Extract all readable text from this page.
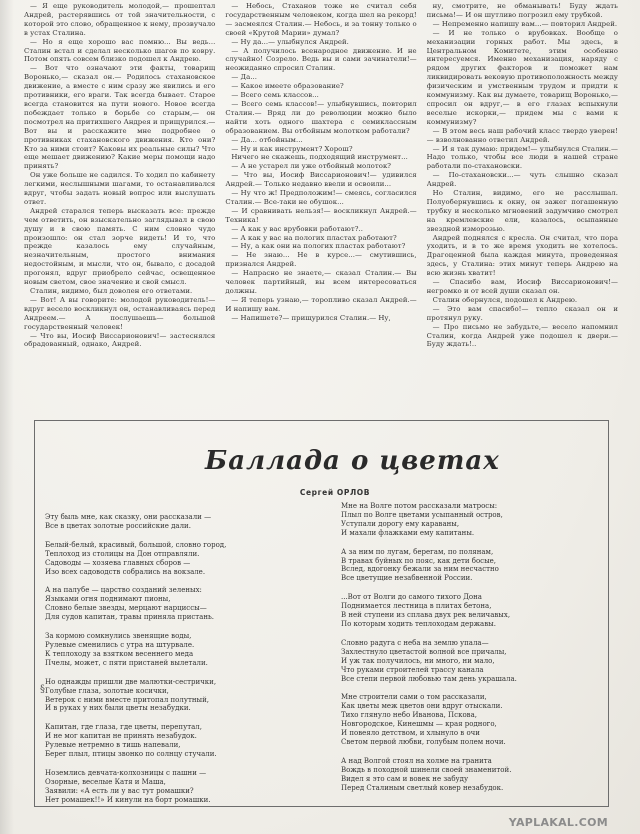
— Я еще руководитель молодой,— прошептал Андрей, растерявшись от той значительности, с которой это слово, обращенное к нему, прозвучало в устах Сталина.

— Но я еще хорошо вас помню... Вы ведь... Сталин встал и сделал несколько шагов по ковру. Потом опять совсем близко подошел к Андрею.

— Вот что означают эти факты, товарищ Воронько,— сказал он.— Родилось стахановское движение, а вместе с ним сразу же явились и его противники, его враги. Так всегда бывает. Старое всегда становится на пути нового. Новое всегда побеждает только в борьбе со старым,— он посмотрел на притихшего Андрея и прищурился.— Вот вы и расскажите мне подробнее о противниках стахановского движения. Кто они? Кто за ними стоит? Каковы их реальные силы? Что еще мешает движению? Какие меры помощи надо принять?

Он уже больше не садился. То ходил по кабинету легкими, неслышными шагами, то останавливался вдруг, чтобы задать новый вопрос или выслушать ответ.

Андрей старался теперь высказать все: прежде чем ответить, он взыскательно заглядывал в свою душу и в свою память. С ним словно чудо произошло: он стал зорче видеть! И то, что прежде казалось ему случайным, незначительным, простого внимания недостойным, и мысли, что он, бывало, с досадой прогонял, вдруг приобрело сейчас, освещенное новым светом, свое значение и свой смысл.

Сталин, видимо, был доволен его ответами.

— Вот! А вы говорите: молодой руководитель!— вдруг весело воскликнул он, останавливаясь перед Андреем.— А послушаешь— большой государственный человек!

— Что вы, Иосиф Виссарионович!— застеснялся обрадованный, однако, Андрей.

— Небось, Стаханов тоже не считал себя государственным человеком, когда шел на рекорд!— засмеялся Сталин.— Небось, и за тонну только о своей «Крутой Марии» думал?

— Ну да...— улыбнулся Андрей.

— А получилось всенародное движение. И не случайно! Созрело. Ведь вы и сами зачинатели!— неожиданно спросил Сталин.

— Да...

— Какое имеете образование?

— Всего семь классов...

— Всего семь классов!— улыбнувшись, повторил Сталин.— Вряд ли до революции можно было найти хоть одного шахтера с семиклассным образованием. Вы отбойным молотком работали?

— Да... отбойным...

— Ну и как инструмент? Хорош?

Ничего не скажешь, подходящий инструмент...

— А не устарел ли уже отбойный молоток?

— Что вы, Иосиф Виссарионович!— удивился Андрей.— Только недавно ввели и освоили...

— Ну что ж! Предположим!— смеясь, согласился Сталин.— Все-таки не обушок...

— И сравнивать нельзя!— воскликнул Андрей.— Техника!

— А как у вас врубовки работают?..

— А как у вас на пологих пластах работают?

— Ну, а как они на пологих пластах работают?

— Не знаю... Не в курсе...— смутившись, признался Андрей.

— Напрасно не знаете,— сказал Сталин.— Вы человек партийный, вы всем интересоваться должны.

— Я теперь узнаю,— торопливо сказал Андрей.— И напишу вам.

— Напишете?— прищурился Сталин.— Ну,

ну, смотрите, не обманывать! Буду ждать письма!— И он шутливо погрозил ему трубкой.

— Непременно напишу вам...— повторил Андрей.

— И не только о врубовках. Вообще о механизации горных работ. Мы здесь, в Центральном Комитете, этим особенно интересуемся. Именно механизация, наряду с рядом других факторов и поможет нам ликвидировать вековую противоположность между физическим и умственным трудом и придти к коммунизму. Как вы думаете, товарищ Воронько,— спросил он вдруг,— в его глазах вспыхнули веселые искорки,— придем мы с вами к коммунизму?

— В этом весь наш рабочий класс твердо уверен!— взволнованно ответил Андрей.

— И я так думаю: придем!— улыбнулся Сталин.— Надо только, чтобы все люди в нашей стране работали по-стахановски.

— По-стахановски...— чуть слышно сказал Андрей.

Но Сталин, видимо, его не расслышал. Полуобернувшись к окну, он зажег погашенную трубку и несколько мгновений задумчиво смотрел на кремлевские ели, казалось, осыпанные звездной изморозью.

Андрей поднялся с кресла. Он считал, что пора уходить, и в то же время уходить не хотелось. Драгоценной была каждая минута, проведенная здесь, у Сталина: этих минут теперь Андрею на всю жизнь хватит!

— Спасибо вам, Иосиф Виссарионович!— негромко и от всей души сказал он.

Сталин обернулся, подошел к Андрею.

— Это вам спасибо!— тепло сказал он и протянул руку.

— Про письмо не забудьте,— весело напомнил Сталин, когда Андрей уже подошел к двери.— Буду ждать!..

Баллада о цветах
Сергей ОРЛОВ
Эту быль мне, как сказку, они рассказали —
Все в цветах золотые российские дали.
Белый-белый, красивый, большой, словно город,
Теплоход из столицы на Дон отправляли.
Садоводы — хозяева главных сборов —
Изо всех садоводств собрались на вокзале.
А на палубе — царство созданий зеленых:
Языками огня поднимают пионы,
Словно белые звезды, мерцают нарциссы—
Для судов капитан, травы приняла пристань.
За кормою сомкнулись звенящие воды,
Рулевые сменились с утра на штурвале.
К теплоходу за взятком весеннего меда
Пчелы, может, с пяти пристаней вылетали.
Но однажды пришли две малютки-сестрички,
Голубые глаза, золотые косички,
Ветерок с ними вместе притопал полутный,
И в руках у них были цветы незабудки.
Капитан, где глаза, где цветы, перепутал,
И не мог капитан не принять незабудок.
Рулевые нетремно в тишь напевали,
Берег плыл, птицы звонко по солнцу стучали.
Ноземлись девчата-колхозницы с пашни —
Озорные, веселые Катя и Маша,
Заявили: «А есть ли у вас тут ромашки?
Нет ромашек!!» И кинули на борт ромашки.
Мне на Волге потом рассказали матросы:
Плыл по Волге цветами усыпанный остров,
Уступали дорогу ему караваны,
И махали флажками ему капитаны.
А за ним по лугам, берегам, по полянам,
В травах буйных по пояс, как дети босые,
Вслед, вдогонку бежали за ним несчастно
Все цветущие незабвенной России.
...Вот от Волги до самого тихого Дона
Поднимается лестница в плитах бетона,
В ней ступени из сплава двух рек величавых,
По которым ходить теплоходам державы.
Словно радуга с неба на землю упала—
Захлестнуло цветастой волной все причалы,
И уж так получилось, ни много, ни мало,
Что руками строителей трассу канала
Все степи первой любовью там день украшала.
Мне строители сами о том рассказали,
Как цветы меж цветов они вдруг отыскали.
Тихо глянуло небо Иванова, Пскова,
Новгородское, Кинешмы — края родного,
И повеяло детством, и хлынуло в очи
Светом первой любви, голубым полем ночи.
А над Волгой стоял на холме на гранита
Вождь в походной шинели своей знаменитой.
Видел я это сам и вовек не забуду
Перед Сталиным светлый ковер незабудок.
§
YAPLAKAL.COM
